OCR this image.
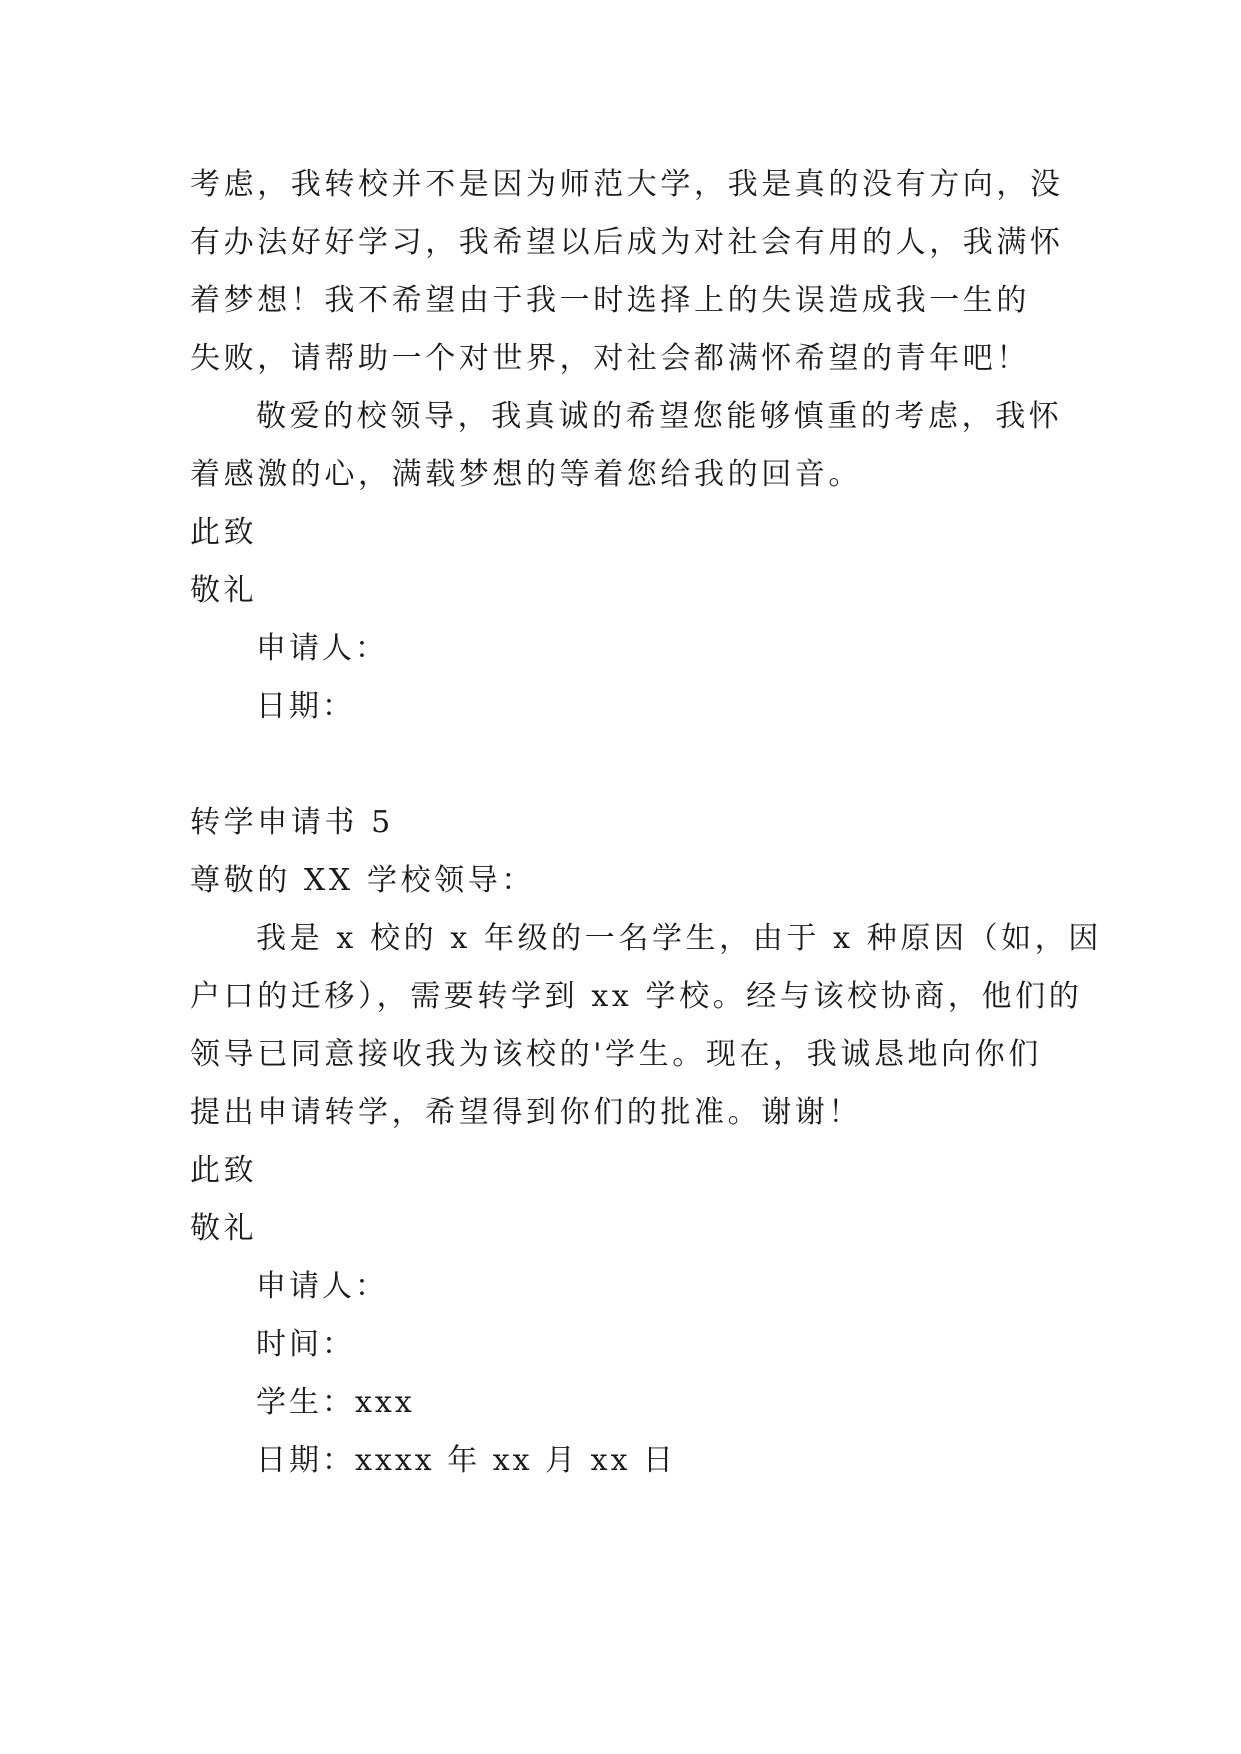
考虑，我转校并不是因为师范大学，我是真的没有方向，没
有办法好好学习，我希望以后成为对社会有用的人，我满怀
着梦想！我不希望由于我一时选择上的失误造成我一生的
失败，请帮助一个对世界，对社会都满怀希望的青年吧！
敬爱的校领导，我真诚的希望您能够慎重的考虑，我怀
着感激的心，满载梦想的等着您给我的回音。
此致
敬礼
申请人：
日期：
转学申请书 5
尊敬的 XX 学校领导：
我是 x 校的 x 年级的一名学生，由于 x 种原因（如，因
户口的迁移），需要转学到 xx 学校。经与该校协商，他们的
领导已同意接收我为该校的'学生。现在，我诚恳地向你们
提出申请转学，希望得到你们的批准。谢谢！
此致
敬礼
申请人：
时间：
学生：xxx
日期：xxxx 年 xx 月 xx 日
